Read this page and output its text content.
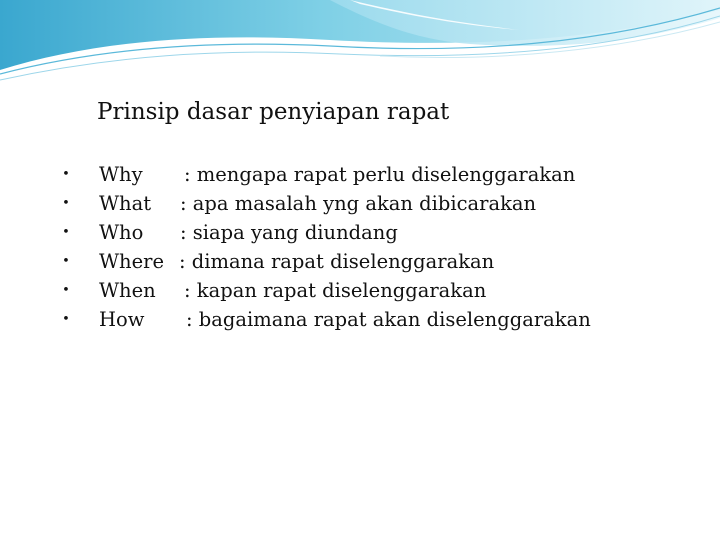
Prinsip dasar penyiapan rapat
• Why : mengapa rapat perlu diselenggarakan
• What : apa masalah yng akan dibicarakan
• Who : siapa yang diundang
• Where : dimana rapat diselenggarakan
• When : kapan rapat diselenggarakan
• How : bagaimana rapat akan diselenggarakan
